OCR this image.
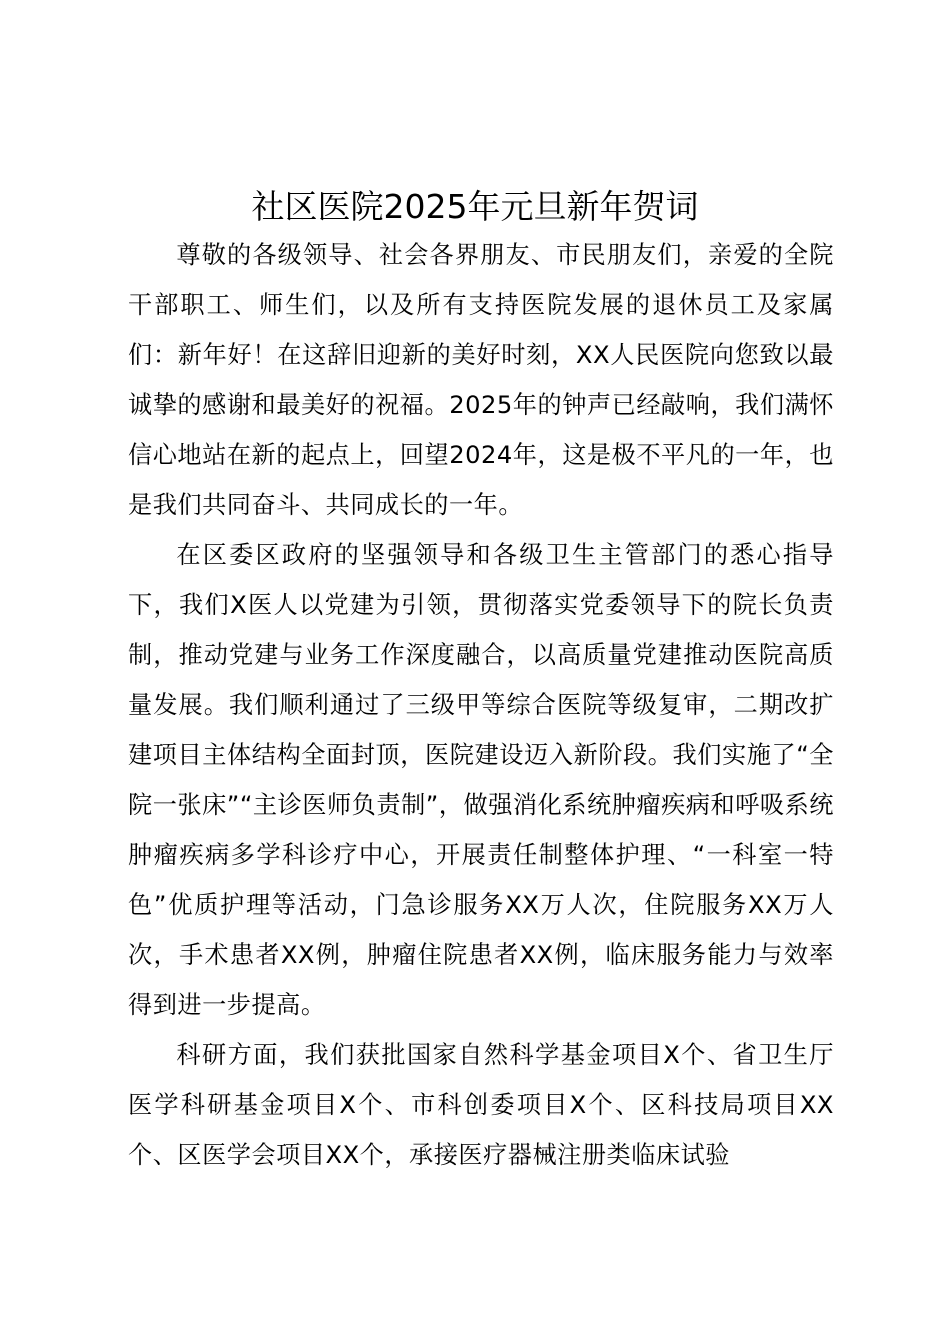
社区医院2025年元旦新年贺词

尊敬的各级领导、社会各界朋友、市民朋友们，亲爱的全院干部职工、师生们，以及所有支持医院发展的退休员工及家属们：新年好！在这辞旧迎新的美好时刻，XX人民医院向您致以最诚挚的感谢和最美好的祝福。2025年的钟声已经敲响，我们满怀信心地站在新的起点上，回望2024年，这是极不平凡的一年，也是我们共同奋斗、共同成长的一年。

在区委区政府的坚强领导和各级卫生主管部门的悉心指导下，我们X医人以党建为引领，贯彻落实党委领导下的院长负责制，推动党建与业务工作深度融合，以高质量党建推动医院高质量发展。我们顺利通过了三级甲等综合医院等级复审，二期改扩建项目主体结构全面封顶，医院建设迈入新阶段。我们实施了“全院一张床”“主诊医师负责制”，做强消化系统肿瘤疾病和呼吸系统肿瘤疾病多学科诊疗中心，开展责任制整体护理、“一科室一特色”优质护理等活动，门急诊服务XX万人次，住院服务XX万人次，手术患者XX例，肿瘤住院患者XX例，临床服务能力与效率得到进一步提高。

科研方面，我们获批国家自然科学基金项目X个、省卫生厅医学科研基金项目X个、市科创委项目X个、区科技局项目XX个、区医学会项目XX个，承接医疗器械注册类临床试验
